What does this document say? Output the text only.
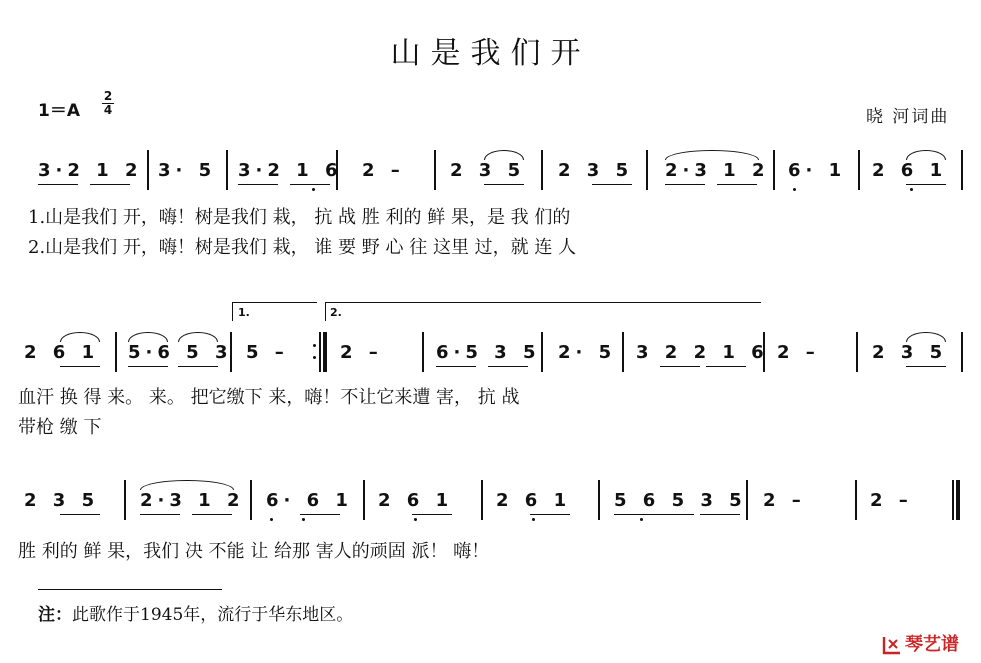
山是我们开
1＝A
2
4	晓 河词曲
3·2 1 2 3· 5 3·2 1 6 2 –	2 3 5 2 3 5 2·3 1 2 6· 1 2 6 1
1.山是我们 开，嗨！树是我们 栽， 抗 战 胜 利的 鲜 果，是 我 们的
2.山是我们 开，嗨！树是我们 栽， 谁 要 野 心 往 这里 过，就 连 人
1.	2.
2 6 1 5·6 5 3 5 –	2 –	6·5 3 5 2· 5 3 2 2 1 6 2 –	2 3 5
血汗 换 得 来。 来。 把它缴下 来，嗨！不让它来遭 害， 抗 战
带枪 缴 下
2 3 5 2·3 1 2 6· 6 1 2 6 1 2 6 1 5 6 5 3 5 2 –	2 –
胜 利的 鲜 果，我们 决 不能 让 给那 害人的顽固 派！ 嗨！
注：此歌作于1945年，流行于华东地区。
琴艺谱
